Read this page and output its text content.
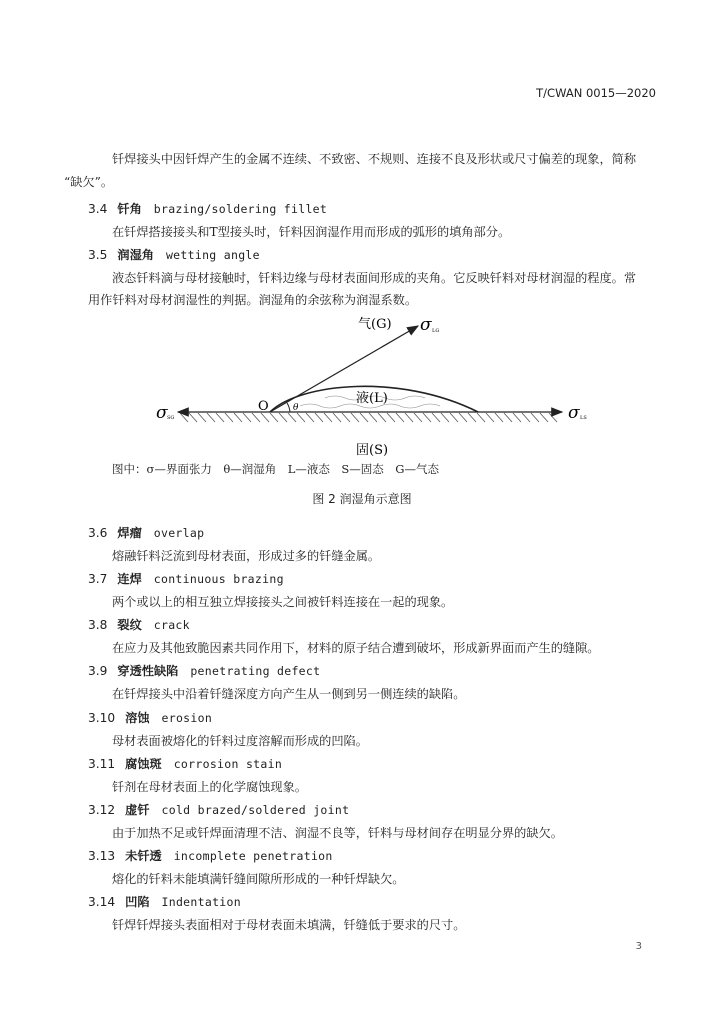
T/CWAN 0015—2020

钎焊接头中因钎焊产生的金属不连续、不致密、不规则、连接不良及形状或尺寸偏差的现象，简称
“缺欠”。

3.4 钎角 brazing/soldering fillet
在钎焊搭接接头和T型接头时，钎料因润湿作用而形成的弧形的填角部分。
3.5 润湿角 wetting angle
液态钎料滴与母材接触时，钎料边缘与母材表面间形成的夹角。它反映钎料对母材润湿的程度。常
用作钎料对母材润湿性的判据。润湿角的余弦称为润湿系数。
气(G) σ LG
液(L)
O	θ
σ SG	σ LS
固(S)
图中：σ—界面张力　θ—润湿角　L—液态　S—固态　G—气态
图 2 润湿角示意图
3.6 焊瘤 overlap
熔融钎料泛流到母材表面，形成过多的钎缝金属。
3.7 连焊 continuous brazing
两个或以上的相互独立焊接接头之间被钎料连接在一起的现象。
3.8 裂纹 crack
在应力及其他致脆因素共同作用下，材料的原子结合遭到破坏，形成新界面而产生的缝隙。
3.9 穿透性缺陷 penetrating defect
在钎焊接头中沿着钎缝深度方向产生从一侧到另一侧连续的缺陷。
3.10 溶蚀 erosion
母材表面被熔化的钎料过度溶解而形成的凹陷。
3.11 腐蚀斑 corrosion stain
钎剂在母材表面上的化学腐蚀现象。
3.12 虚钎 cold brazed/soldered joint
由于加热不足或钎焊面清理不洁、润湿不良等，钎料与母材间存在明显分界的缺欠。
3.13 未钎透 incomplete penetration
熔化的钎料未能填满钎缝间隙所形成的一种钎焊缺欠。
3.14 凹陷 Indentation
钎焊钎焊接头表面相对于母材表面未填满，钎缝低于要求的尺寸。
3
